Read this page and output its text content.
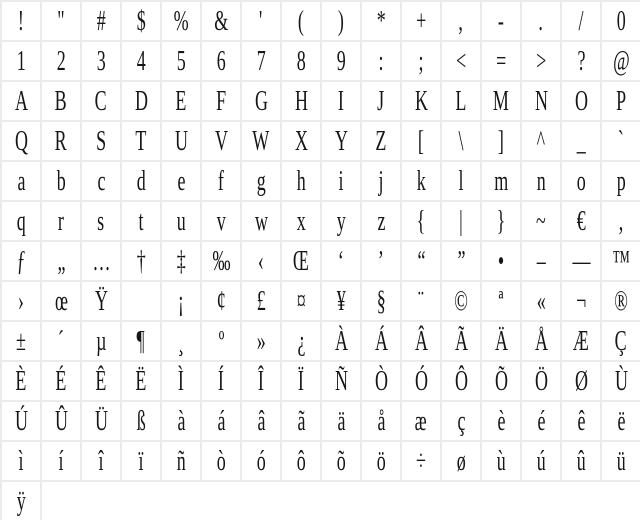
! " # $ % & ' ( ) * + , - . / 0
1 2 3 4 5 6 7 8 9 : ; < = > ? @
A B C D E F G H I J K L M N O P
Q R S T U V W X Y Z [ \ ] ^ _ `
a b c d e f g h i j k l m n o p
q r s t u v w x y z { | } ~ € ‚
ƒ „ … † ‡ ‰ ‹ Œ ‘ ’ “ ” • – — ™
› œ Ÿ ¡ ¢ £ ¤ ¥ § ¨ © ª « ¬ ®
± ´ µ ¶ ¸ º » ¿ À Á Â Ã Ä Å Æ Ç
È É Ê Ë Ì Í Î Ï Ñ Ò Ó Ô Õ Ö Ø Ù
Ú Û Ü ß à á â ã ä å æ ç è é ê ë
ì í î ï ñ ò ó ô õ ö ÷ ø ù ú û ü
ÿ
